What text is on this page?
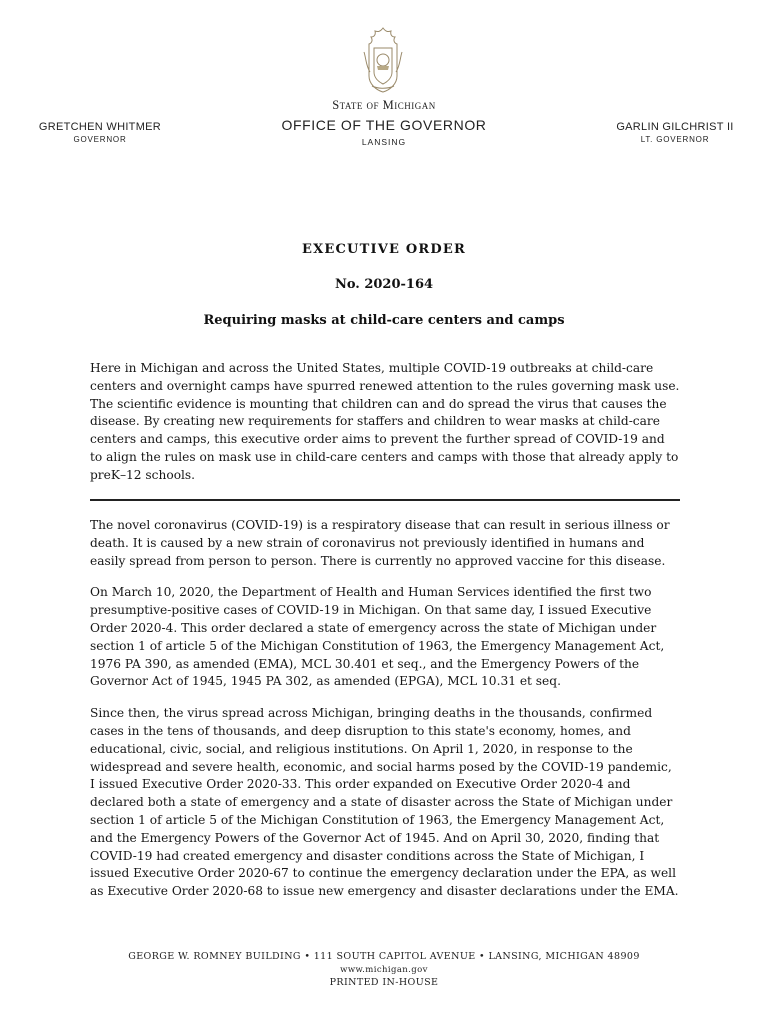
State of Michigan
OFFICE OF THE GOVERNOR
LANSING
GRETCHEN WHITMER
GOVERNOR
GARLIN GILCHRIST II
LT. GOVERNOR
EXECUTIVE ORDER
No. 2020-164
Requiring masks at child-care centers and camps

Here in Michigan and across the United States, multiple COVID-19 outbreaks at child-care centers and overnight camps have spurred renewed attention to the rules governing mask use. The scientific evidence is mounting that children can and do spread the virus that causes the disease. By creating new requirements for staffers and children to wear masks at child-care centers and camps, this executive order aims to prevent the further spread of COVID-19 and to align the rules on mask use in child-care centers and camps with those that already apply to preK–12 schools.

The novel coronavirus (COVID-19) is a respiratory disease that can result in serious illness or death. It is caused by a new strain of coronavirus not previously identified in humans and easily spread from person to person. There is currently no approved vaccine for this disease.

On March 10, 2020, the Department of Health and Human Services identified the first two presumptive-positive cases of COVID-19 in Michigan. On that same day, I issued Executive Order 2020-4. This order declared a state of emergency across the state of Michigan under section 1 of article 5 of the Michigan Constitution of 1963, the Emergency Management Act, 1976 PA 390, as amended (EMA), MCL 30.401 et seq., and the Emergency Powers of the Governor Act of 1945, 1945 PA 302, as amended (EPGA), MCL 10.31 et seq.

Since then, the virus spread across Michigan, bringing deaths in the thousands, confirmed cases in the tens of thousands, and deep disruption to this state's economy, homes, and educational, civic, social, and religious institutions. On April 1, 2020, in response to the widespread and severe health, economic, and social harms posed by the COVID-19 pandemic, I issued Executive Order 2020-33. This order expanded on Executive Order 2020-4 and declared both a state of emergency and a state of disaster across the State of Michigan under section 1 of article 5 of the Michigan Constitution of 1963, the Emergency Management Act, and the Emergency Powers of the Governor Act of 1945. And on April 30, 2020, finding that COVID-19 had created emergency and disaster conditions across the State of Michigan, I issued Executive Order 2020-67 to continue the emergency declaration under the EPA, as well as Executive Order 2020-68 to issue new emergency and disaster declarations under the EMA.

GEORGE W. ROMNEY BUILDING • 111 SOUTH CAPITOL AVENUE • LANSING, MICHIGAN 48909
www.michigan.gov
PRINTED IN-HOUSE
